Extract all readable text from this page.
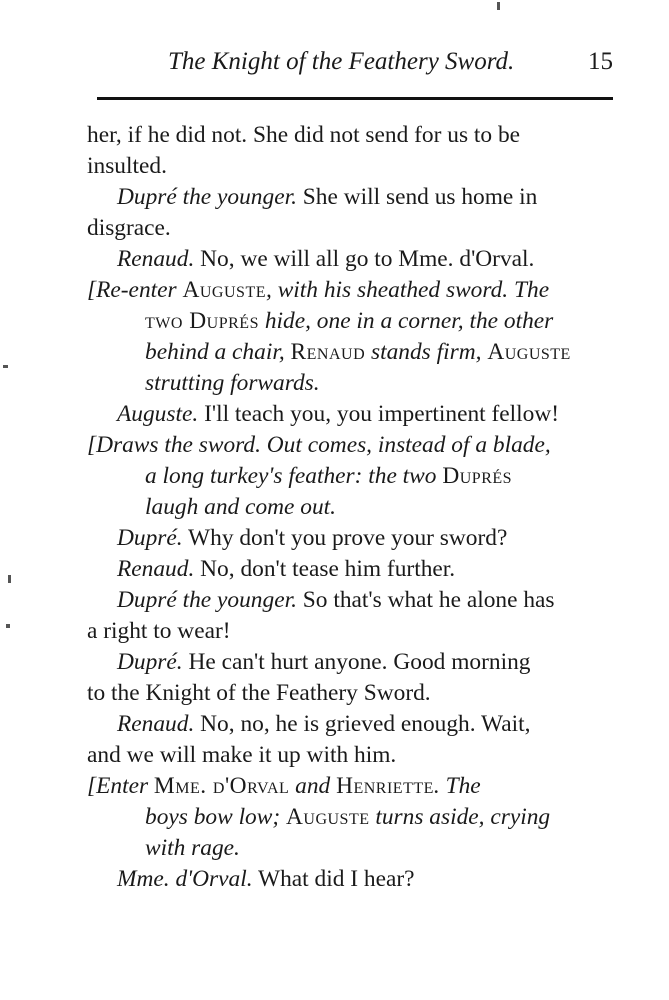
The Knight of the Feathery Sword.	15
her, if he did not. She did not send for us to be
insulted.
Dupré the younger. She will send us home in
disgrace.
Renaud. No, we will all go to Mme. d'Orval.
[Re-enter Auguste, with his sheathed sword. The
two Duprés hide, one in a corner, the other
behind a chair, Renaud stands firm, Auguste
strutting forwards.
Auguste. I'll teach you, you impertinent fellow!
[Draws the sword. Out comes, instead of a blade,
a long turkey's feather: the two Duprés
laugh and come out.
Dupré. Why don't you prove your sword?
Renaud. No, don't tease him further.
Dupré the younger. So that's what he alone has
a right to wear!
Dupré. He can't hurt anyone. Good morning
to the Knight of the Feathery Sword.
Renaud. No, no, he is grieved enough. Wait,
and we will make it up with him.
[Enter Mme. d'Orval and Henriette. The
boys bow low; Auguste turns aside, crying
with rage.
Mme. d'Orval. What did I hear?
